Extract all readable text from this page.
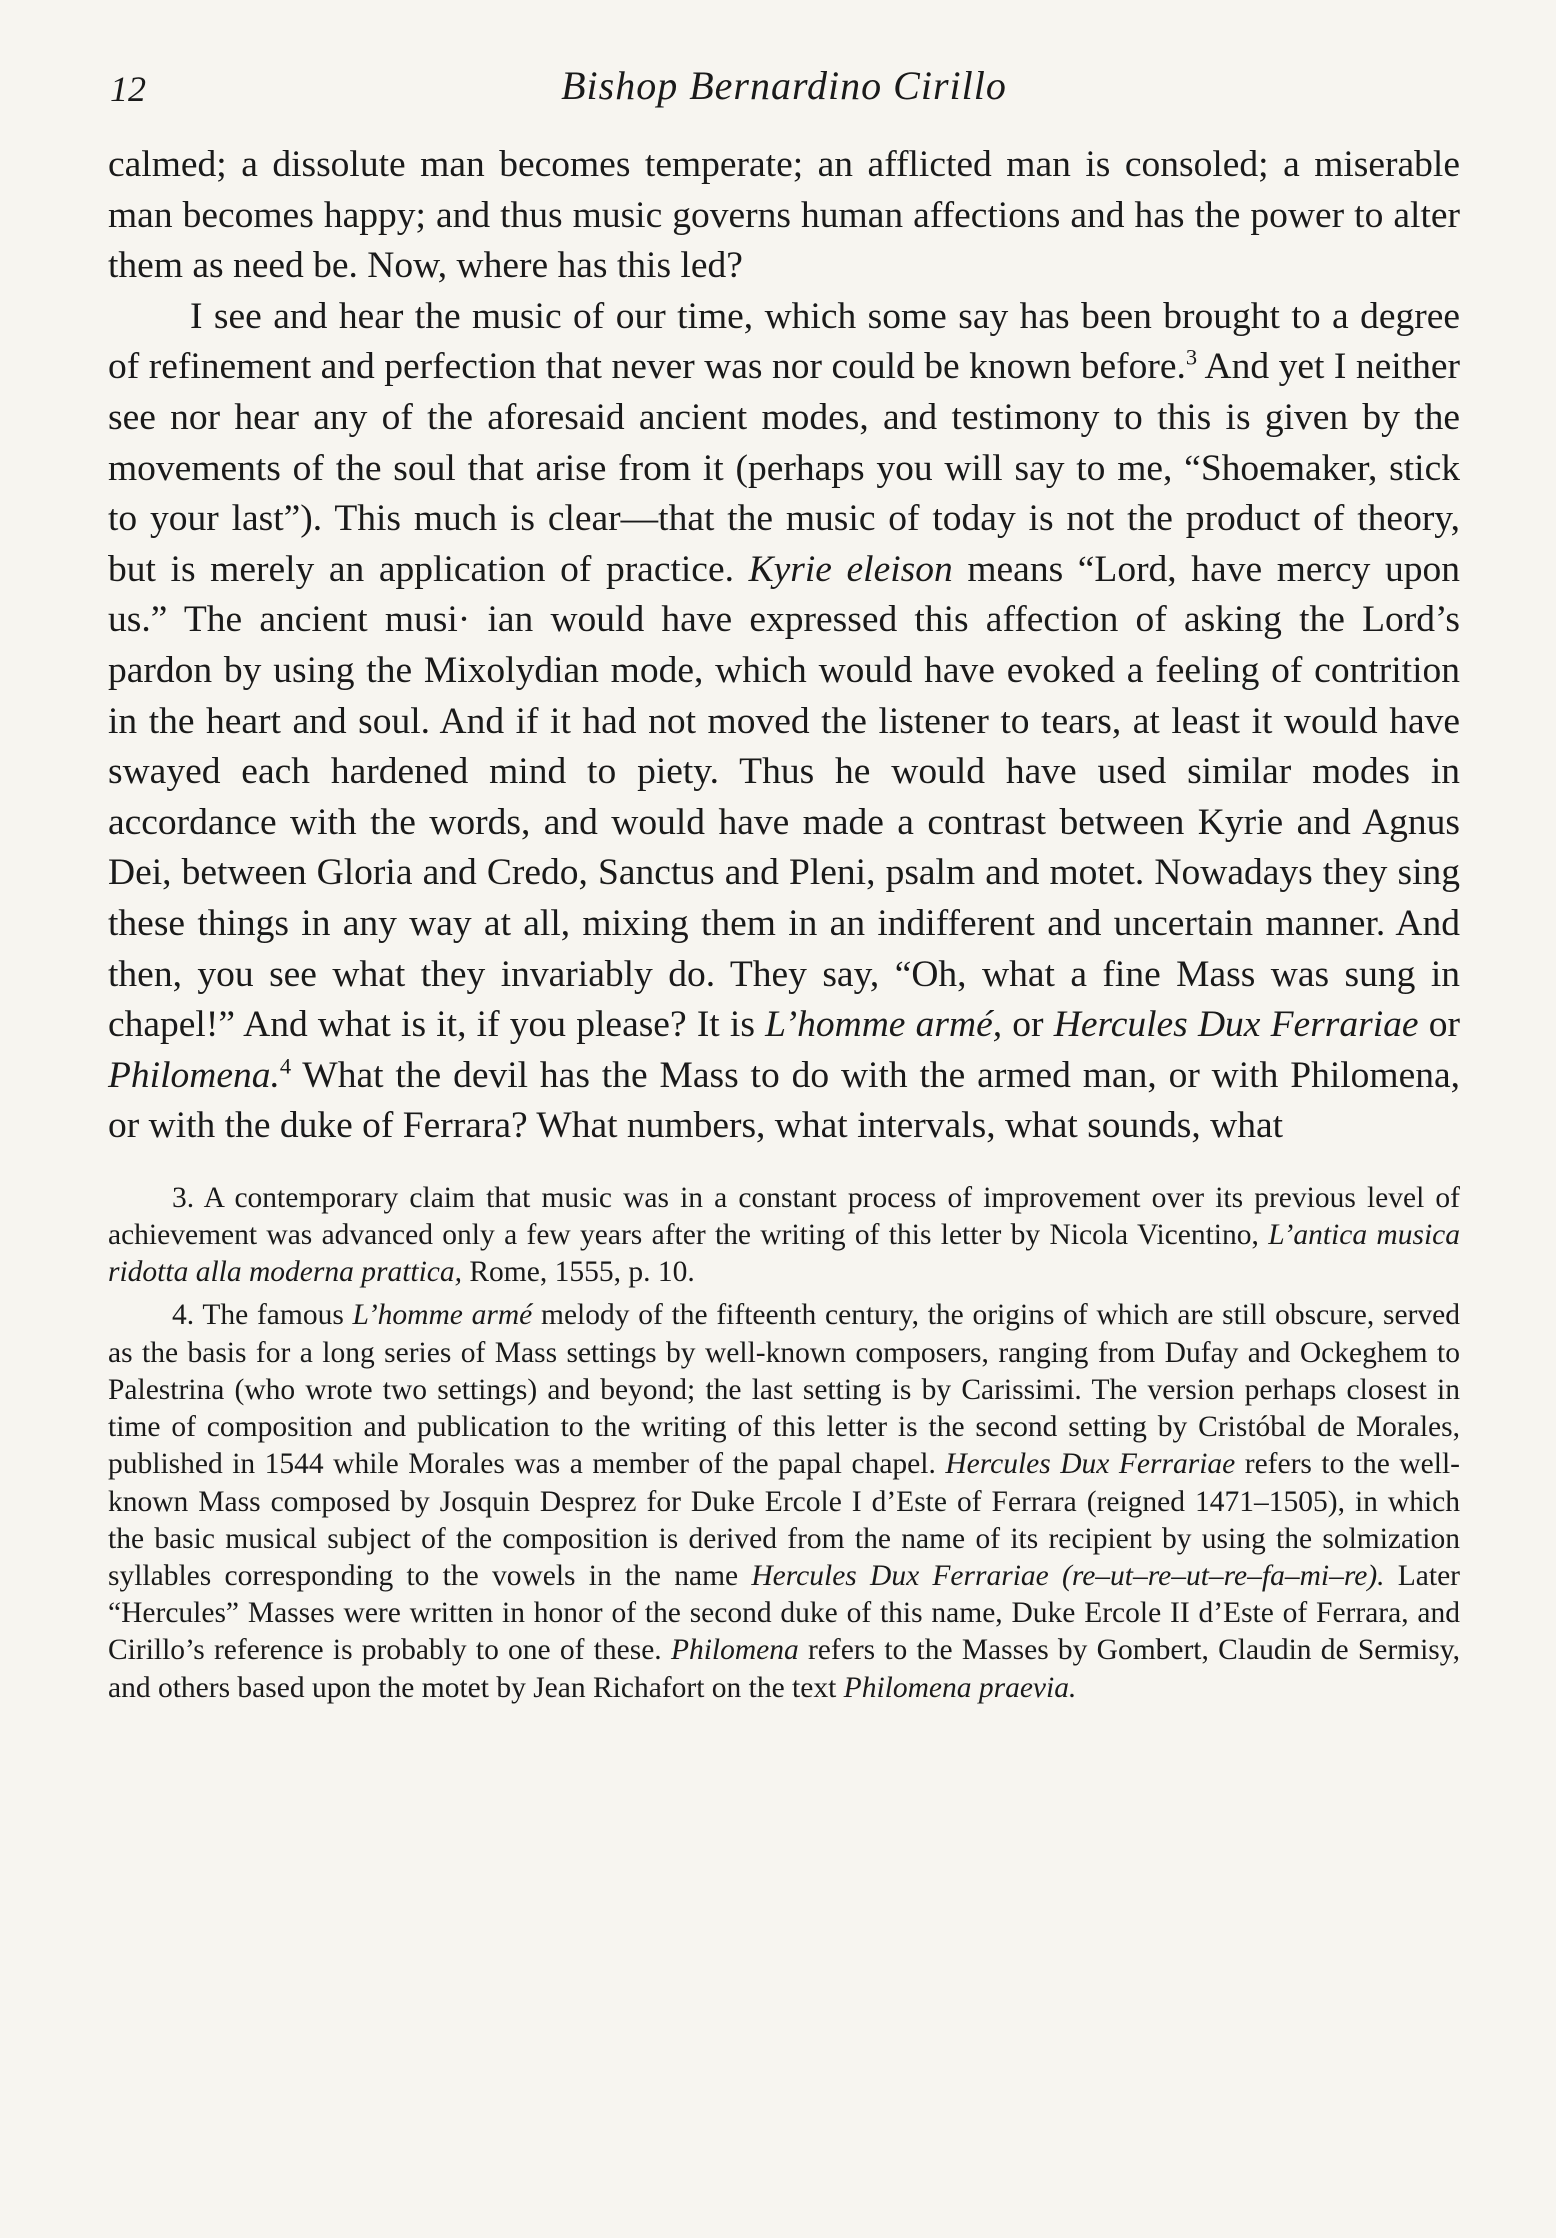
12	Bishop Bernardino Cirillo

calmed; a dissolute man becomes temperate; an afflicted man is consoled; a miserable man becomes happy; and thus music governs human affections and has the power to alter them as need be. Now, where has this led?

I see and hear the music of our time, which some say has been brought to a degree of refinement and perfection that never was nor could be known before.$^3$ And yet I neither see nor hear any of the aforesaid ancient modes, and testimony to this is given by the movements of the soul that arise from it (perhaps you will say to me, “Shoemaker, stick to your last”). This much is clear—that the music of today is not the product of theory, but is merely an application of practice. Kyrie eleison means “Lord, have mercy upon us.” The ancient musi· ian would have expressed this affection of asking the Lord’s pardon by using the Mixolydian mode, which would have evoked a feeling of contrition in the heart and soul. And if it had not moved the listener to tears, at least it would have swayed each hardened mind to piety. Thus he would have used similar modes in accordance with the words, and would have made a contrast between Kyrie and Agnus Dei, between Gloria and Credo, Sanctus and Pleni, psalm and motet. Nowadays they sing these things in any way at all, mixing them in an indifferent and uncertain manner. And then, you see what they invariably do. They say, “Oh, what a fine Mass was sung in chapel!” And what is it, if you please? It is L’homme armé, or Hercules Dux Ferrariae or Philomena.$^4$ What the devil has the Mass to do with the armed man, or with Philomena, or with the duke of Ferrara? What numbers, what intervals, what sounds, what

3. A contemporary claim that music was in a constant process of improvement over its previous level of achievement was advanced only a few years after the writing of this letter by Nicola Vicentino, L’antica musica ridotta alla moderna prattica, Rome, 1555, p. 10.

4. The famous L’homme armé melody of the fifteenth century, the origins of which are still obscure, served as the basis for a long series of Mass settings by well-known composers, ranging from Dufay and Ockeghem to Palestrina (who wrote two settings) and beyond; the last setting is by Carissimi. The version perhaps closest in time of composition and publication to the writing of this letter is the second setting by Cristóbal de Morales, published in 1544 while Morales was a member of the papal chapel. Hercules Dux Ferrariae refers to the well-known Mass composed by Josquin Desprez for Duke Ercole I d’Este of Ferrara (reigned 1471–1505), in which the basic musical subject of the composition is derived from the name of its recipient by using the solmization syllables corresponding to the vowels in the name Hercules Dux Ferrariae (re–ut–re–ut–re–fa–mi–re). Later “Hercules” Masses were written in honor of the second duke of this name, Duke Ercole II d’Este of Ferrara, and Cirillo’s reference is probably to one of these. Philomena refers to the Masses by Gombert, Claudin de Sermisy, and others based upon the motet by Jean Richafort on the text Philomena praevia.
